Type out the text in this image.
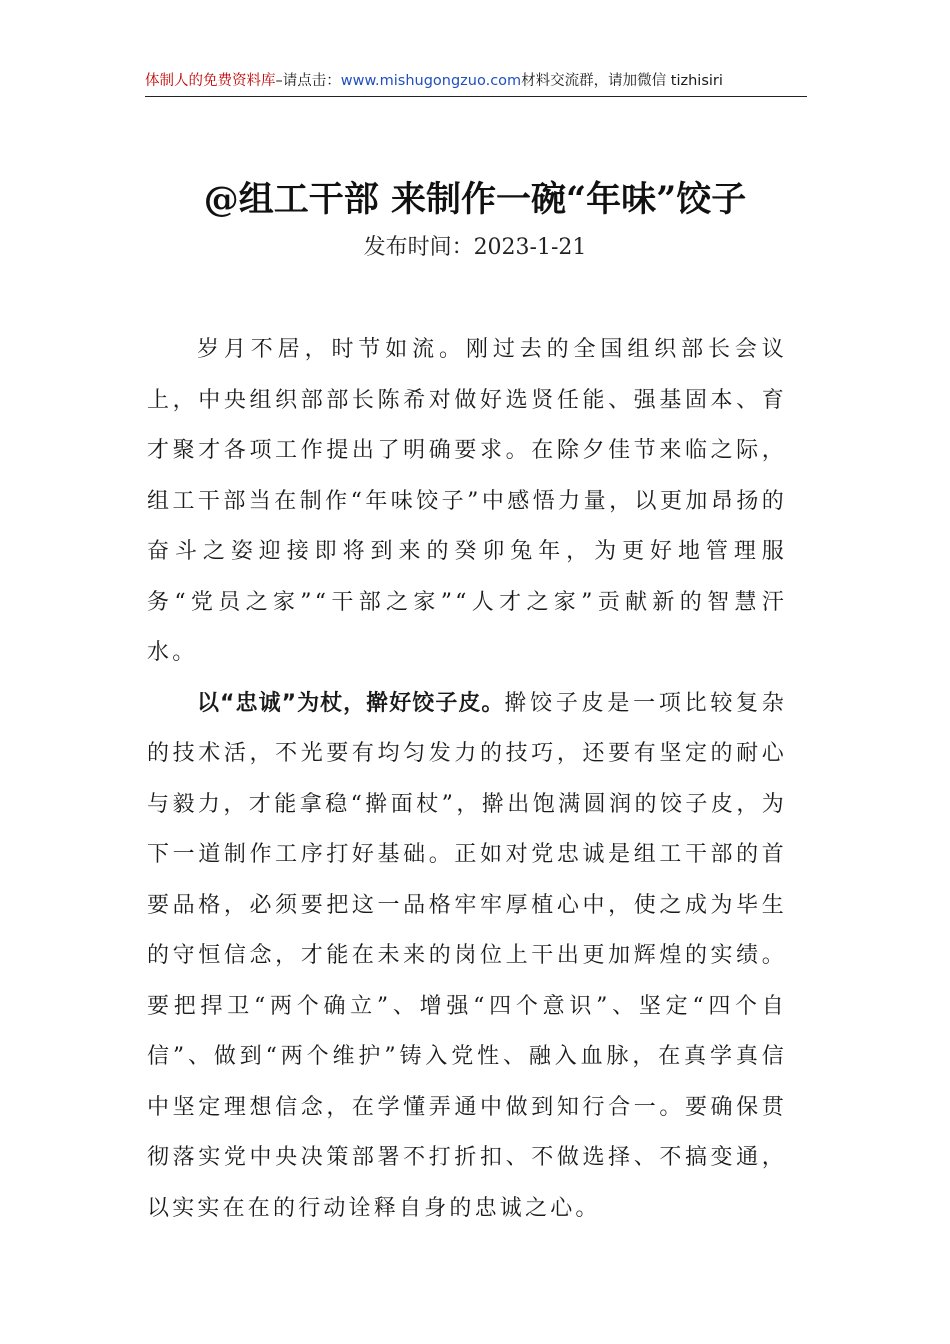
体制人的免费资料库–请点击：www.mishugongzuo.com材料交流群，请加微信 tizhisiri
@组工干部 来制作一碗“年味”饺子
发布时间：2023-1-21

岁月不居，时节如流。刚过去的全国组织部长会议上，中央组织部部长陈希对做好选贤任能、强基固本、育才聚才各项工作提出了明确要求。在除夕佳节来临之际，组工干部当在制作“年味饺子”中感悟力量，以更加昂扬的奋斗之姿迎接即将到来的癸卯兔年，为更好地管理服务“党员之家”“干部之家”“人才之家”贡献新的智慧汗水。

以“忠诚”为杖，擀好饺子皮。擀饺子皮是一项比较复杂的技术活，不光要有均匀发力的技巧，还要有坚定的耐心与毅力，才能拿稳“擀面杖”，擀出饱满圆润的饺子皮，为下一道制作工序打好基础。正如对党忠诚是组工干部的首要品格，必须要把这一品格牢牢厚植心中，使之成为毕生的守恒信念，才能在未来的岗位上干出更加辉煌的实绩。要把捍卫“两个确立”、增强“四个意识”、坚定“四个自信”、做到“两个维护”铸入党性、融入血脉，在真学真信中坚定理想信念，在学懂弄通中做到知行合一。要确保贯彻落实党中央决策部署不打折扣、不做选择、不搞变通，以实实在在的行动诠释自身的忠诚之心。
